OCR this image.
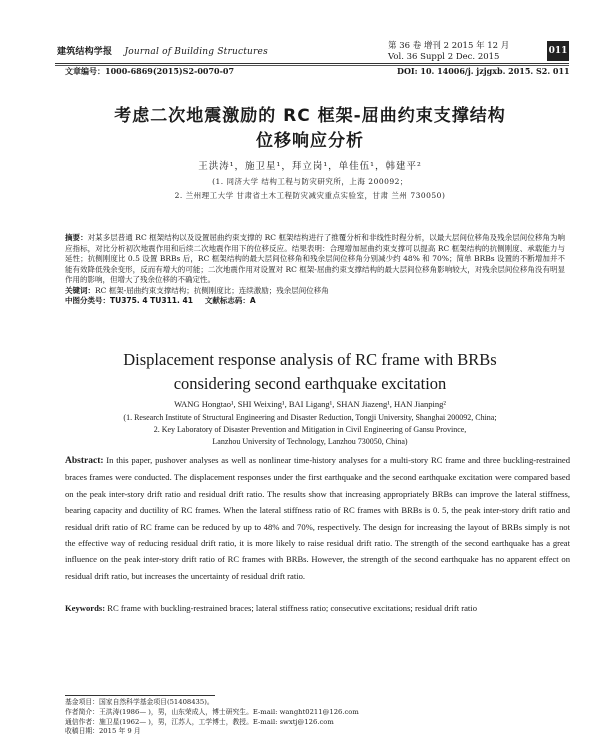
建筑结构学报 Journal of Building Structures
第 36 卷 增刊 2 2015 年 12 月
Vol. 36 Suppl 2 Dec. 2015
011
文章编号：1000-6869(2015)S2-0070-07	DOI: 10. 14006/j. jzjgxb. 2015. S2. 011
考虑二次地震激励的 RC 框架-屈曲约束支撑结构
位移响应分析
王洪涛¹，施卫星¹，拜立岗¹，单佳伍¹，韩建平²
(1. 同济大学 结构工程与防灾研究所，上海 200092；
2. 兰州理工大学 甘肃省土木工程防灾减灾重点实验室，甘肃 兰州 730050)
摘要：对某多层普通 RC 框架结构以及设置屈曲约束支撑的 RC 框架结构进行了推覆分析和非线性时程分析，以最大层间位移角及残余层间位移角为响应指标，对比分析初次地震作用和后续二次地震作用下的位移反应。结果表明：合理增加屈曲约束支撑可以提高 RC 框架结构的抗侧刚度、承载能力与延性；抗侧刚度比 0.5 设置 BRBs 后，RC 框架结构的最大层间位移角和残余层间位移角分别减少约 48% 和 70%；简单 BRBs 设置的不断增加并不能有效降低残余变形，反而有增大的可能；二次地震作用对设置对 RC 框架-屈曲约束支撑结构的最大层间位移角影响较大，对残余层间位移角没有明显作用的影响，但增大了残余位移的不确定性。
关键词：RC 框架-屈曲约束支撑结构；抗侧刚度比；连续激励；残余层间位移角
中图分类号：TU375. 4 TU311. 41 文献标志码：A
Displacement response analysis of RC frame with BRBs
considering second earthquake excitation
WANG Hongtao¹, SHI Weixing¹, BAI Ligang¹, SHAN Jiazeng¹, HAN Jianping²
(1. Research Institute of Structural Engineering and Disaster Reduction, Tongji University, Shanghai 200092, China;
2. Key Laboratory of Disaster Prevention and Mitigation in Civil Engineering of Gansu Province,
Lanzhou University of Technology, Lanzhou 730050, China)
Abstract: In this paper, pushover analyses as well as nonlinear time-history analyses for a multi-story RC frame and three buckling-restrained braces frames were conducted. The displacement responses under the first earthquake and the second earthquake excitation were compared based on the peak inter-story drift ratio and residual drift ratio. The results show that increasing appropriately BRBs can improve the lateral stiffness, bearing capacity and ductility of RC frames. When the lateral stiffness ratio of RC frames with BRBs is 0. 5, the peak inter-story drift ratio and residual drift ratio of RC frame can be reduced by up to 48% and 70%, respectively. The design for increasing the layout of BRBs simply is not the effective way of reducing residual drift ratio, it is more likely to raise residual drift ratio. The strength of the second earthquake has a great influence on the peak inter-story drift ratio of RC frames with BRBs. However, the strength of the second earthquake has no apparent effect on residual drift ratio, but increases the uncertainty of residual drift ratio.
Keywords: RC frame with buckling-restrained braces; lateral stiffness ratio; consecutive excitations; residual drift ratio
基金项目：国家自然科学基金项目(51408435)。
作者简介：王洪涛(1986— )，男，山东荣成人，博士研究生。E-mail: wanght0211@126.com
通信作者：施卫星(1962— )，男，江苏人，工学博士，教授。E-mail: swxtj@126.com
收稿日期：2015 年 9 月
